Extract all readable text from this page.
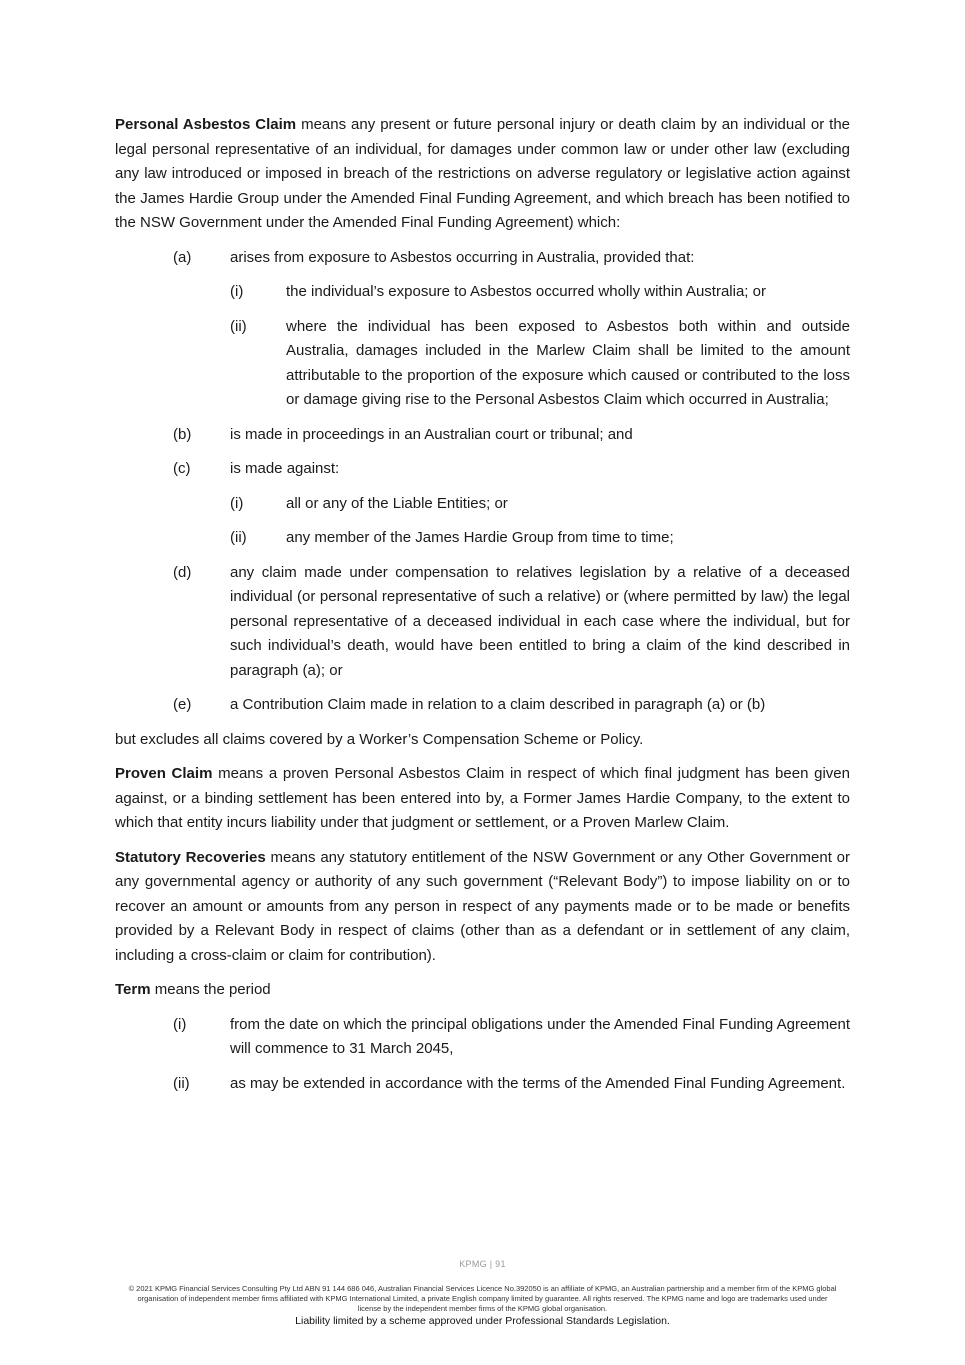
Personal Asbestos Claim means any present or future personal injury or death claim by an individual or the legal personal representative of an individual, for damages under common law or under other law (excluding any law introduced or imposed in breach of the restrictions on adverse regulatory or legislative action against the James Hardie Group under the Amended Final Funding Agreement, and which breach has been notified to the NSW Government under the Amended Final Funding Agreement) which:

(a)	arises from exposure to Asbestos occurring in Australia, provided that:
(i)	the individual’s exposure to Asbestos occurred wholly within Australia; or
(ii)	where the individual has been exposed to Asbestos both within and outside Australia, damages included in the Marlew Claim shall be limited to the amount attributable to the proportion of the exposure which caused or contributed to the loss or damage giving rise to the Personal Asbestos Claim which occurred in Australia;
(b)	is made in proceedings in an Australian court or tribunal; and
(c)	is made against:
(i)	all or any of the Liable Entities; or
(ii)	any member of the James Hardie Group from time to time;
(d)	any claim made under compensation to relatives legislation by a relative of a deceased individual (or personal representative of such a relative) or (where permitted by law) the legal personal representative of a deceased individual in each case where the individual, but for such individual’s death, would have been entitled to bring a claim of the kind described in paragraph (a); or
(e)	a Contribution Claim made in relation to a claim described in paragraph (a) or (b)

but excludes all claims covered by a Worker’s Compensation Scheme or Policy.

Proven Claim means a proven Personal Asbestos Claim in respect of which final judgment has been given against, or a binding settlement has been entered into by, a Former James Hardie Company, to the extent to which that entity incurs liability under that judgment or settlement, or a Proven Marlew Claim.

Statutory Recoveries means any statutory entitlement of the NSW Government or any Other Government or any governmental agency or authority of any such government (“Relevant Body”) to impose liability on or to recover an amount or amounts from any person in respect of any payments made or to be made or benefits provided by a Relevant Body in respect of claims (other than as a defendant or in settlement of any claim, including a cross-claim or claim for contribution).

Term means the period

(i)	from the date on which the principal obligations under the Amended Final Funding Agreement will commence to 31 March 2045,
(ii)	as may be extended in accordance with the terms of the Amended Final Funding Agreement.
KPMG | 91
© 2021 KPMG Financial Services Consulting Pty Ltd ABN 91 144 686 046, Australian Financial Services Licence No.392050 is an affiliate of KPMG, an Australian partnership and a member firm of the KPMG global organisation of independent member firms affiliated with KPMG International Limited, a private English company limited by guarantee. All rights reserved. The KPMG name and logo are trademarks used under license by the independent member firms of the KPMG global organisation.
Liability limited by a scheme approved under Professional Standards Legislation.
